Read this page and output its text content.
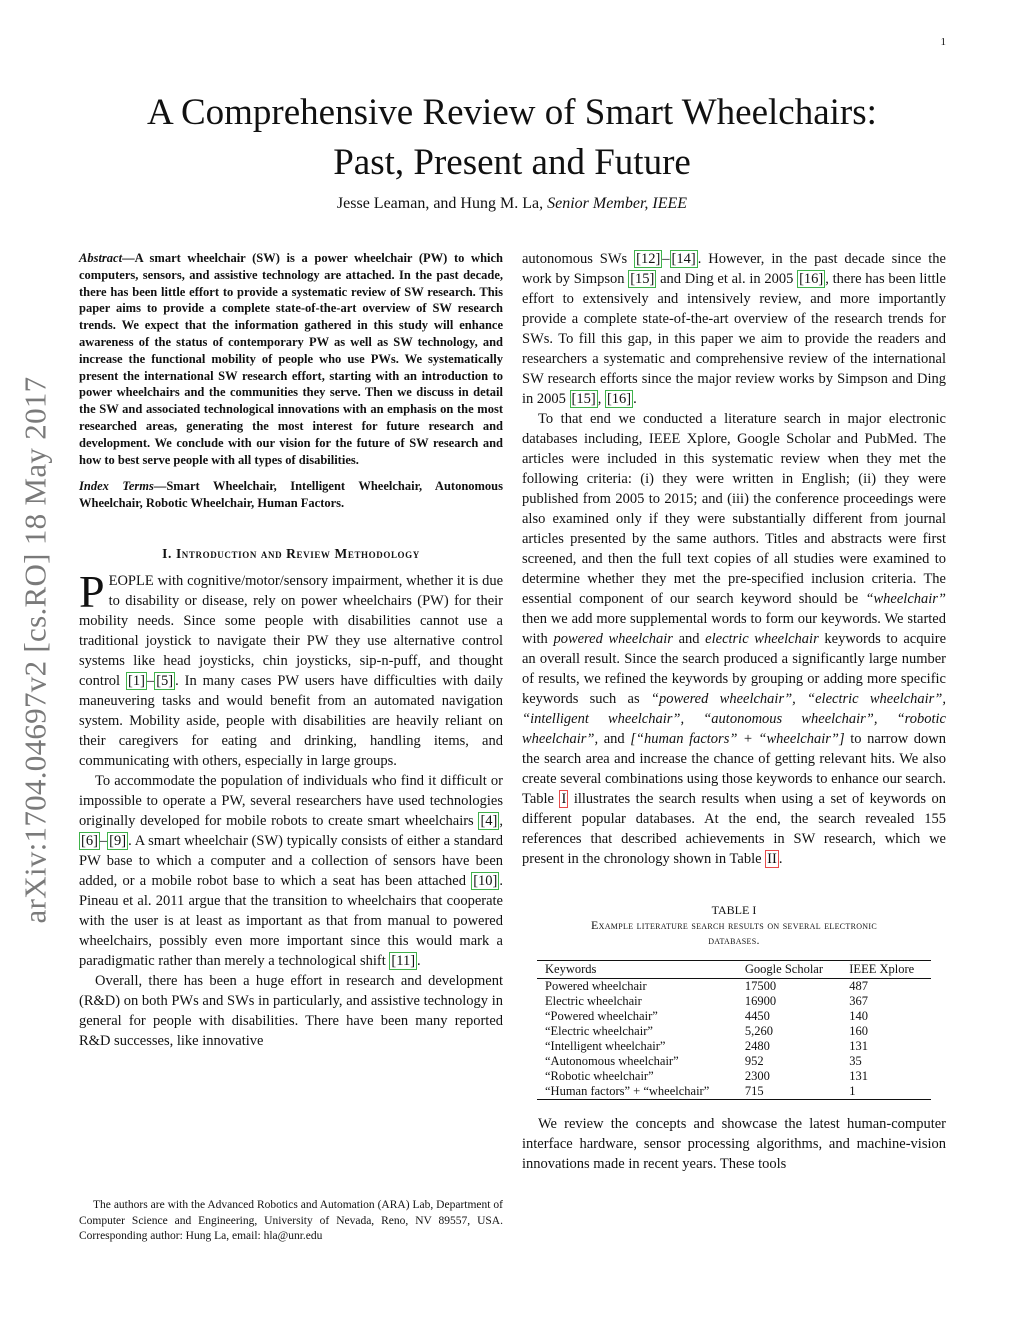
1
arXiv:1704.04697v2 [cs.RO] 18 May 2017
A Comprehensive Review of Smart Wheelchairs:
Past, Present and Future
Jesse Leaman, and Hung M. La, Senior Member, IEEE

Abstract—A smart wheelchair (SW) is a power wheelchair (PW) to which computers, sensors, and assistive technology are attached. In the past decade, there has been little effort to provide a systematic review of SW research. This paper aims to provide a complete state-of-the-art overview of SW research trends. We expect that the information gathered in this study will enhance awareness of the status of contemporary PW as well as SW technology, and increase the functional mobility of people who use PWs. We systematically present the international SW research effort, starting with an introduction to power wheelchairs and the communities they serve. Then we discuss in detail the SW and associated technological innovations with an emphasis on the most researched areas, generating the most interest for future research and development. We conclude with our vision for the future of SW research and how to best serve people with all types of disabilities.

Index Terms—Smart Wheelchair, Intelligent Wheelchair, Autonomous Wheelchair, Robotic Wheelchair, Human Factors.

I. Introduction and Review Methodology

PEOPLE with cognitive/motor/sensory impairment, whether it is due to disability or disease, rely on power wheelchairs (PW) for their mobility needs. Since some people with disabilities cannot use a traditional joystick to navigate their PW they use alternative control systems like head joysticks, chin joysticks, sip-n-puff, and thought control [1] – [5] . In many cases PW users have difficulties with daily maneuvering tasks and would benefit from an automated navigation system. Mobility aside, people with disabilities are heavily reliant on their caregivers for eating and drinking, handling items, and communicating with others, especially in large groups.

To accommodate the population of individuals who find it difficult or impossible to operate a PW, several researchers have used technologies originally developed for mobile robots to create smart wheelchairs [4] , [6] – [9] . A smart wheelchair (SW) typically consists of either a standard PW base to which a computer and a collection of sensors have been added, or a mobile robot base to which a seat has been attached [10] . Pineau et al. 2011 argue that the transition to wheelchairs that cooperate with the user is at least as important as that from manual to powered wheelchairs, possibly even more important since this would mark a paradigmatic rather than merely a technological shift [11] .

Overall, there has been a huge effort in research and development (R&D) on both PWs and SWs in particularly, and assistive technology in general for people with disabilities. There have been many reported R&D successes, like innovative

The authors are with the Advanced Robotics and Automation (ARA) Lab, Department of Computer Science and Engineering, University of Nevada, Reno, NV 89557, USA. Corresponding author: Hung La, email: hla@unr.edu

autonomous SWs [12] – [14] . However, in the past decade since the work by Simpson [15] and Ding et al. in 2005 [16] , there has been little effort to extensively and intensively review, and more importantly provide a complete state-of-the-art overview of the research trends for SWs. To fill this gap, in this paper we aim to provide the readers and researchers a systematic and comprehensive review of the international SW research efforts since the major review works by Simpson and Ding in 2005 [15] , [16] .

To that end we conducted a literature search in major electronic databases including, IEEE Xplore, Google Scholar and PubMed. The articles were included in this systematic review when they met the following criteria: (i) they were written in English; (ii) they were published from 2005 to 2015; and (iii) the conference proceedings were also examined only if they were substantially different from journal articles presented by the same authors. Titles and abstracts were first screened, and then the full text copies of all studies were examined to determine whether they met the pre-specified inclusion criteria. The essential component of our search keyword should be “wheelchair” then we add more supplemental words to form our keywords. We started with powered wheelchair and electric wheelchair keywords to acquire an overall result. Since the search produced a significantly large number of results, we refined the keywords by grouping or adding more specific keywords such as “powered wheelchair”, “electric wheelchair”, “intelligent wheelchair”, “autonomous wheelchair”, “robotic wheelchair”, and [“human factors” + “wheelchair”] to narrow down the search area and increase the chance of getting relevant hits. We also create several combinations using those keywords to enhance our search. Table I illustrates the search results when using a set of keywords on different popular databases. At the end, the search revealed 155 references that described achievements in SW research, which we present in the chronology shown in Table II .

TABLE I
Example literature search results on several electronic
databases.
Keywords	Google Scholar	IEEE Xplore
Powered wheelchair	17500	487
Electric wheelchair	16900	367
“Powered wheelchair”	4450	140
“Electric wheelchair”	5,260	160
“Intelligent wheelchair”	2480	131
“Autonomous wheelchair”	952	35
“Robotic wheelchair”	2300	131
“Human factors” + “wheelchair”	715	1

We review the concepts and showcase the latest human-computer interface hardware, sensor processing algorithms, and machine-vision innovations made in recent years. These tools
